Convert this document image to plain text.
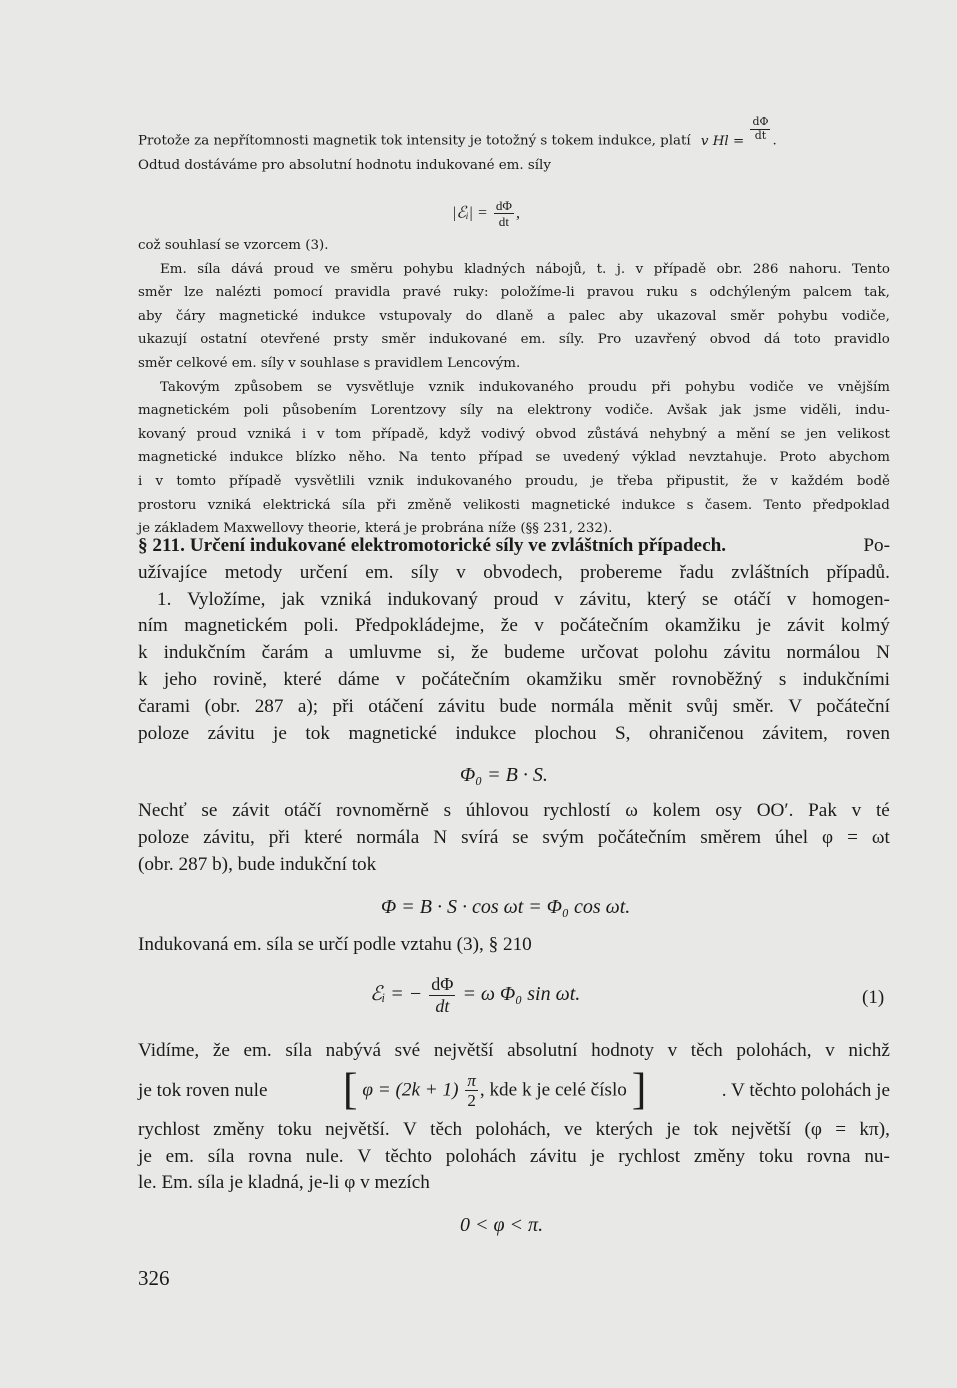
Protože za nepřítomnosti magnetik tok intensity je totožný s tokem indukce, platí v $Hl = \frac{d\Phi}{dt}$ .
Odtud dostáváme pro absolutní hodnotu indukované em. síly
|ℰᵢ| = $\frac{d\Phi}{dt}$ ,
což souhlasí se vzorcem (3).
Em. síla dává proud ve směru pohybu kladných nábojů, t. j. v případě obr. 286 nahoru. Tento
směr lze nalézti pomocí pravidla pravé ruky: položíme-li pravou ruku s odchýleným palcem tak,
aby čáry magnetické indukce vstupovaly do dlaně a palec aby ukazoval směr pohybu vodiče,
ukazují ostatní otevřené prsty směr indukované em. síly. Pro uzavřený obvod dá toto pravidlo
směr celkové em. síly v souhlase s pravidlem Lencovým.
Takovým způsobem se vysvětluje vznik indukovaného proudu při pohybu vodiče ve vnějším
magnetickém poli působením Lorentzovy síly na elektrony vodiče. Avšak jak jsme viděli, indu-
kovaný proud vzniká i v tom případě, když vodivý obvod zůstává nehybný a mění se jen velikost
magnetické indukce blízko něho. Na tento případ se uvedený výklad nevztahuje. Proto abychom
i v tomto případě vysvětlili vznik indukovaného proudu, je třeba připustit, že v každém bodě
prostoru vzniká elektrická síla při změně velikosti magnetické indukce s časem. Tento předpoklad
je základem Maxwellovy theorie, která je probrána níže (§§ 231, 232).
§ 211. Určení indukované elektromotorické síly ve zvláštních případech.	Po-
užívajíce metody určení em. síly v obvodech, probereme řadu zvláštních případů.
1. Vyložíme, jak vzniká indukovaný proud v závitu, který se otáčí v homogen-
ním magnetickém poli. Předpokládejme, že v počátečním okamžiku je závit kolmý
k indukčním čarám a umluvme si, že budeme určovat polohu závitu normálou N
k jeho rovině, které dáme v počátečním okamžiku směr rovnoběžný s indukčními
čarami (obr. 287 a); při otáčení závitu bude normála měnit svůj směr. V počáteční
poloze závitu je tok magnetické indukce plochou S, ohraničenou závitem, roven
Φ₀ = B · S.
Nechť se závit otáčí rovnoměrně s úhlovou rychlostí ω kolem osy OO′. Pak v té
poloze závitu, při které normála N svírá se svým počátečním směrem úhel φ = ωt
(obr. 287 b), bude indukční tok
Φ = B · S · cos ωt = Φ₀ cos ωt.
Indukovaná em. síla se určí podle vztahu (3), § 210
ℰᵢ = − $\frac{d\Phi}{dt} = \omega$ Φ₀ sin ωt.	(1)
Vidíme, že em. síla nabývá své největší absolutní hodnoty v těch polohách, v nichž
je tok roven nule [ $\varphi = (2k + 1) \frac{\pi}{2}$ , kde k je celé číslo ]	. V těchto polohách je
rychlost změny toku největší. V těch polohách, ve kterých je tok největší (φ = kπ),
je em. síla rovna nule. V těchto polohách závitu je rychlost změny toku rovna nu-
le. Em. síla je kladná, je-li φ v mezích
0 < φ < π.
326
